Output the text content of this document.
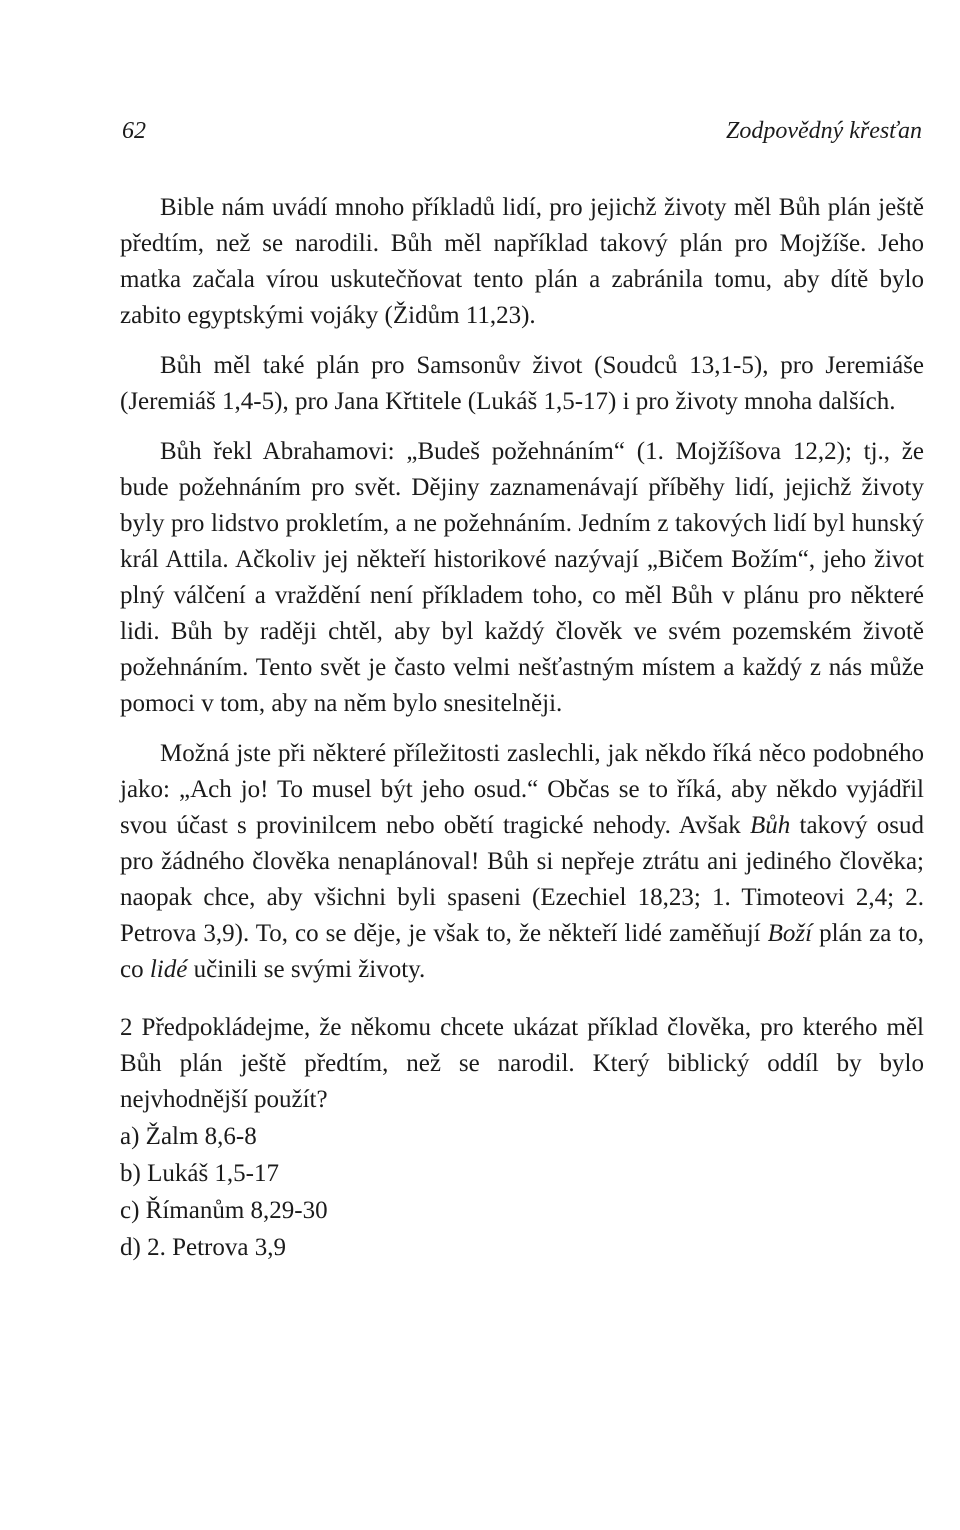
62	Zodpovědný křesťan

Bible nám uvádí mnoho příkladů lidí, pro jejichž životy měl Bůh plán ještě předtím, než se narodili. Bůh měl například takový plán pro Mojžíše. Jeho matka začala vírou uskutečňovat tento plán a zabránila tomu, aby dítě bylo zabito egyptskými vojáky (Židům 11,23).

Bůh měl také plán pro Samsonův život (Soudců 13,1-5), pro Jeremiáše (Jeremiáš 1,4-5), pro Jana Křtitele (Lukáš 1,5-17) i pro životy mnoha dalších.

Bůh řekl Abrahamovi: „Budeš požehnáním“ (1. Mojžíšova 12,2); tj., že bude požehnáním pro svět. Dějiny zaznamenávají příběhy lidí, jejichž životy byly pro lidstvo prokletím, a ne požehnáním. Jedním z takových lidí byl hunský král Attila. Ačkoliv jej někteří historikové nazývají „Bičem Božím“, jeho život plný válčení a vraždění není příkladem toho, co měl Bůh v plánu pro některé lidi. Bůh by raději chtěl, aby byl každý člověk ve svém pozemském životě požehnáním. Tento svět je často velmi nešťastným místem a každý z nás může pomoci v tom, aby na něm bylo snesitelněji.

Možná jste při některé příležitosti zaslechli, jak někdo říká něco podobného jako: „Ach jo! To musel být jeho osud.“ Občas se to říká, aby někdo vyjádřil svou účast s provinilcem nebo obětí tragické nehody. Avšak Bůh takový osud pro žádného člověka nenaplánoval! Bůh si nepřeje ztrátu ani jediného člověka; naopak chce, aby všichni byli spaseni (Ezechiel 18,23; 1. Timoteovi 2,4; 2. Petrova 3,9). To, co se děje, je však to, že někteří lidé zaměňují Boží plán za to, co lidé učinili se svými životy.

2 Předpokládejme, že někomu chcete ukázat příklad člověka, pro kterého měl Bůh plán ještě předtím, než se narodil. Který biblický oddíl by bylo nejvhodnější použít?

a) Žalm 8,6-8
b) Lukáš 1,5-17
c) Římanům 8,29-30
d) 2. Petrova 3,9
